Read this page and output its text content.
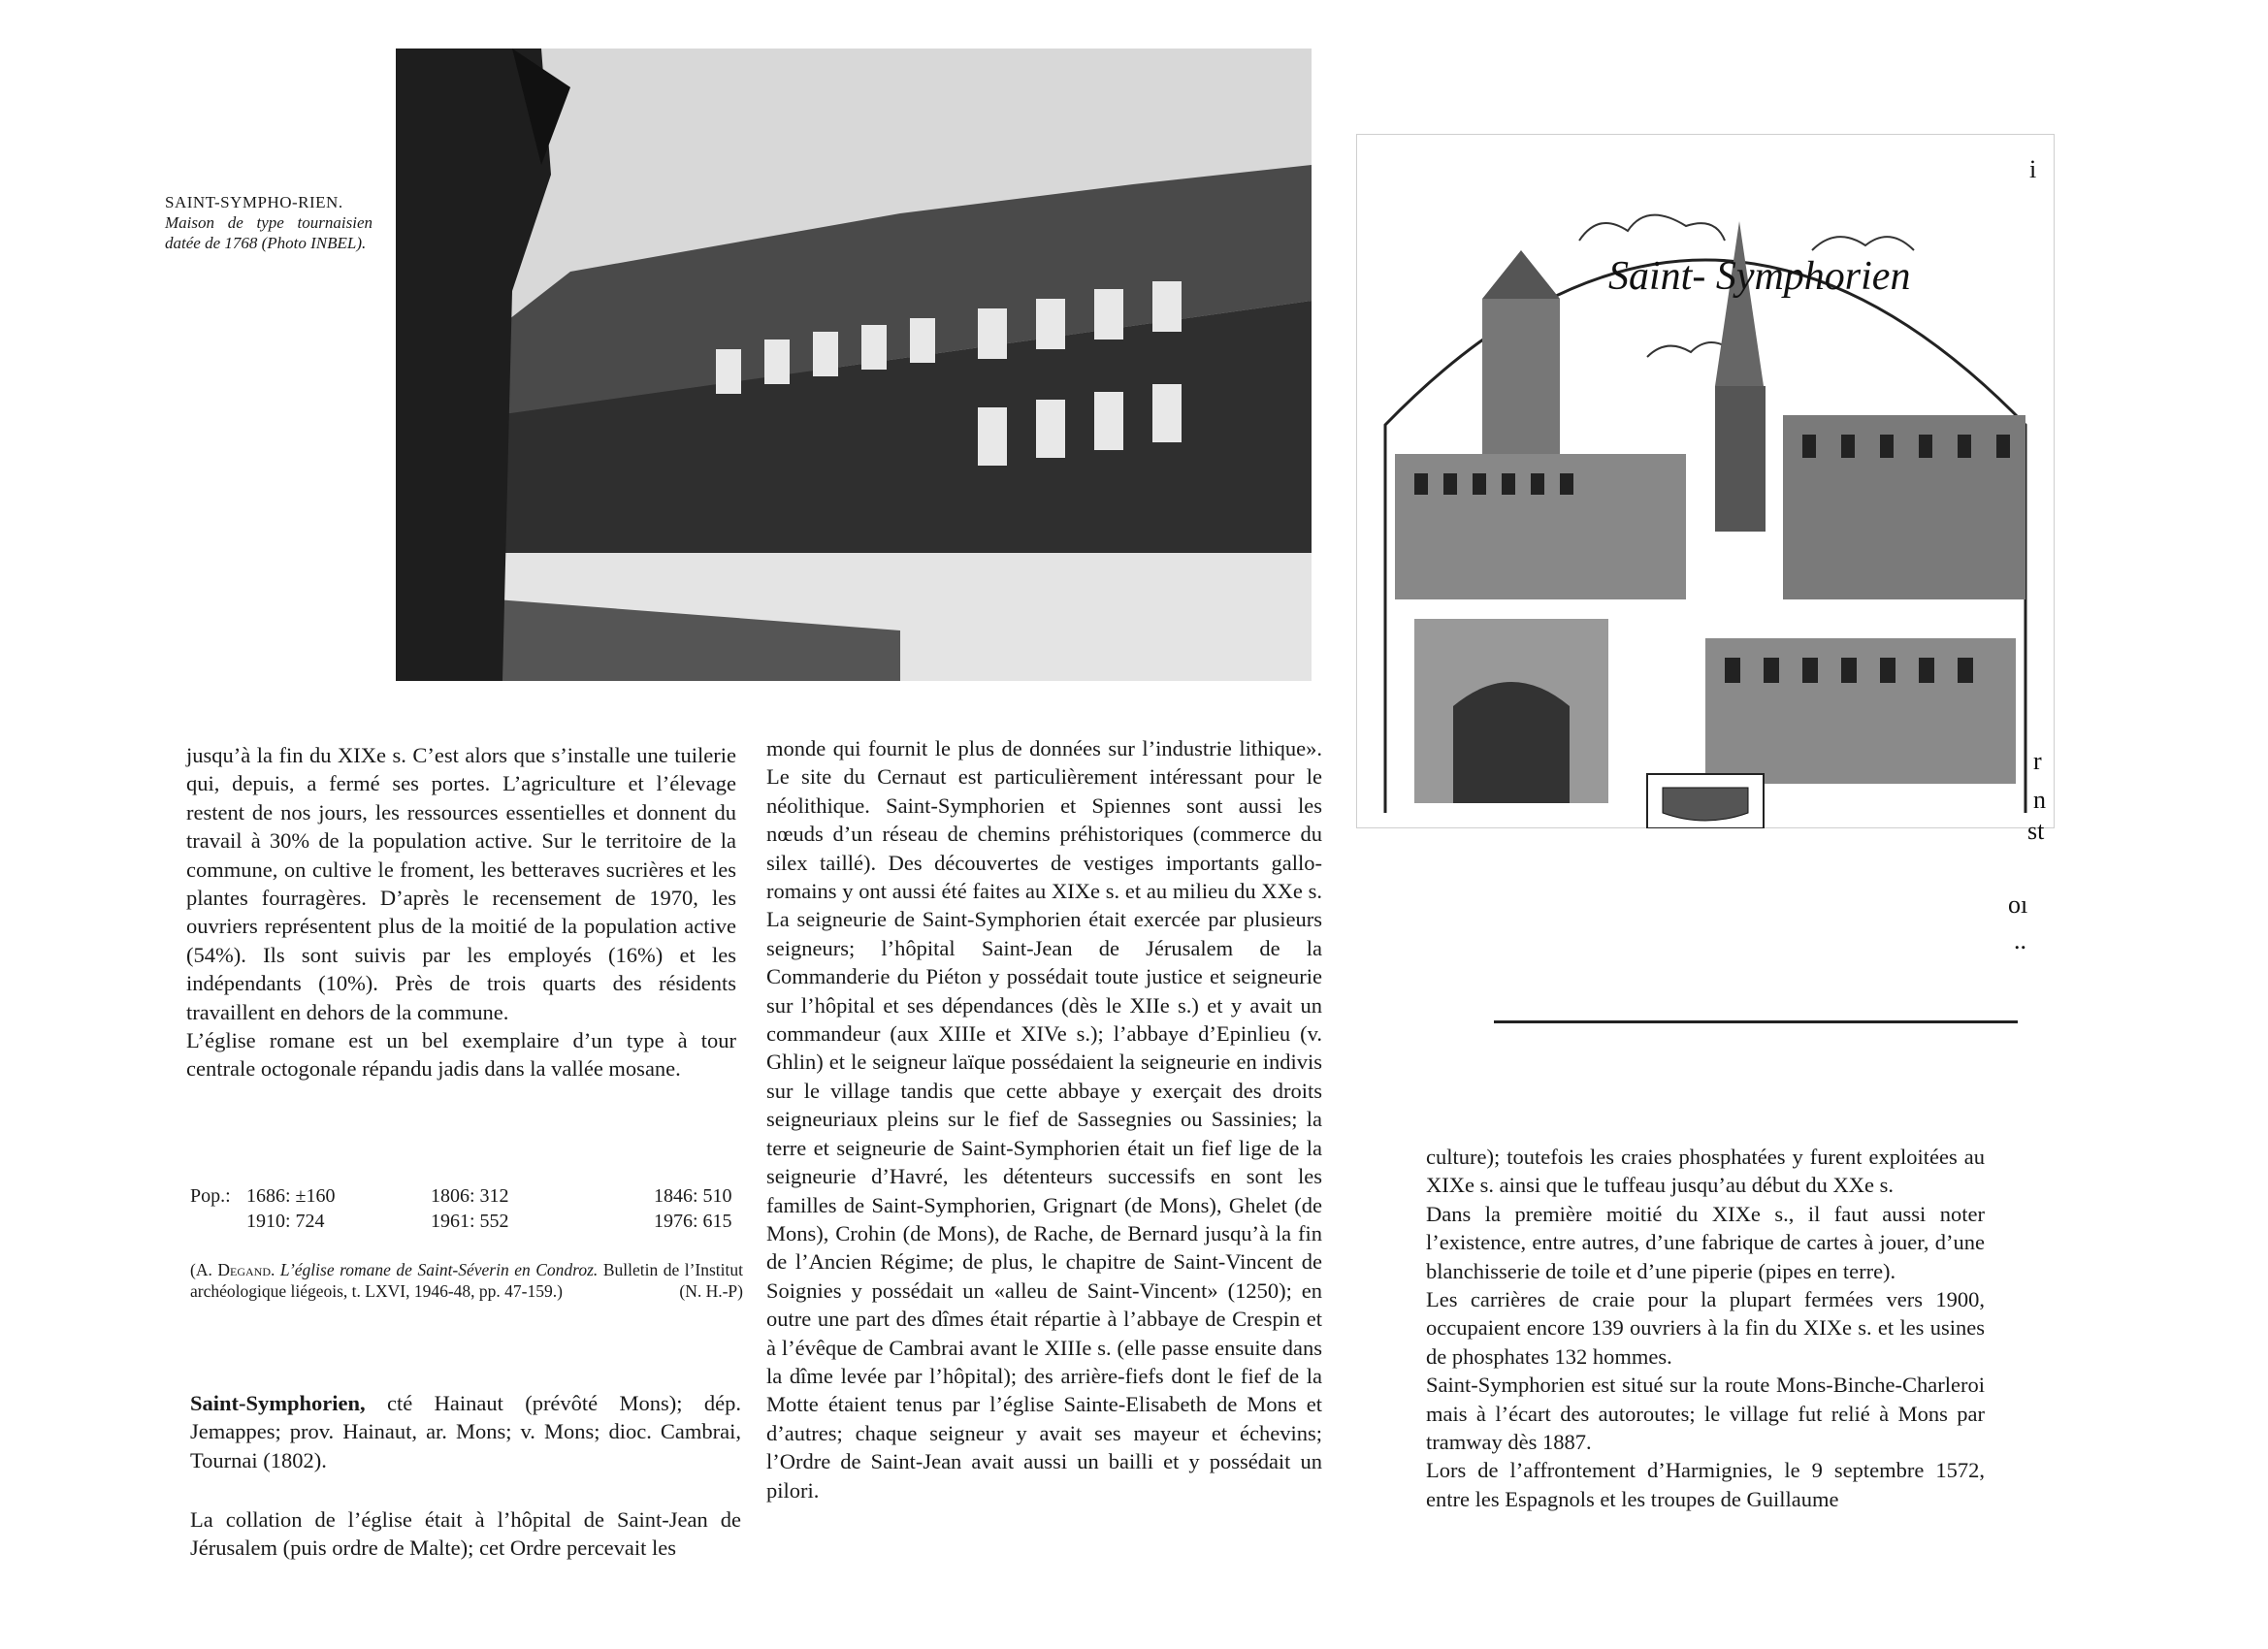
SAINT-SYMPHO-RIEN. Maison de type tournaisien datée de 1768 (Photo INBEL).
Saint- Symphorien

jusqu’à la fin du XIXe s. C’est alors que s’installe une tuilerie qui, depuis, a fermé ses portes. L’agriculture et l’élevage restent de nos jours, les ressources essentielles et donnent du travail à 30% de la population active. Sur le territoire de la commune, on cultive le froment, les betteraves sucrières et les plantes fourragères. D’après le recensement de 1970, les ouvriers représentent plus de la moitié de la population active (54%). Ils sont suivis par les employés (16%) et les indépendants (10%). Près de trois quarts des résidents travaillent en dehors de la commune.

L’église romane est un bel exemplaire d’un type à tour centrale octogonale répandu jadis dans la vallée mosane.

Pop.: 1686: ±160	1806: 312	1846: 510
1910: 724	1961: 552	1976: 615
(A. Degand. L’église romane de Saint-Séverin en Condroz. Bulletin de l’Institut archéologique liégeois, t. LXVI, 1946-48, pp. 47-159.)	(N. H.-P)
Saint-Symphorien, cté Hainaut (prévôté Mons); dép. Jemappes; prov. Hainaut, ar. Mons; v. Mons; dioc. Cambrai, Tournai (1802).
La collation de l’église était à l’hôpital de Saint-Jean de Jérusalem (puis ordre de Malte); cet Ordre percevait les

monde qui fournit le plus de données sur l’industrie lithique». Le site du Cernaut est particulièrement intéressant pour le néolithique. Saint-Symphorien et Spiennes sont aussi les nœuds d’un réseau de chemins préhistoriques (commerce du silex taillé). Des découvertes de vestiges importants gallo-romains y ont aussi été faites au XIXe s. et au milieu du XXe s. La seigneurie de Saint-Symphorien était exercée par plusieurs seigneurs; l’hôpital Saint-Jean de Jérusalem de la Commanderie du Piéton y possédait toute justice et seigneurie sur l’hôpital et ses dépendances (dès le XIIe s.) et y avait un commandeur (aux XIIIe et XIVe s.); l’abbaye d’Epinlieu (v. Ghlin) et le seigneur laïque possédaient la seigneurie en indivis sur le village tandis que cette abbaye y exerçait des droits seigneuriaux pleins sur le fief de Sassegnies ou Sassinies; la terre et seigneurie de Saint-Symphorien était un fief lige de la seigneurie d’Havré, les détenteurs successifs en sont les familles de Saint-Symphorien, Grignart (de Mons), Ghelet (de Mons), Crohin (de Mons), de Rache, de Bernard jusqu’à la fin de l’Ancien Régime; de plus, le chapitre de Saint-Vincent de Soignies y possédait un «alleu de Saint-Vincent» (1250); en outre une part des dîmes était répartie à l’abbaye de Crespin et à l’évêque de Cambrai avant le XIIIe s. (elle passe ensuite dans la dîme levée par l’hôpital); des arrière-fiefs dont le fief de la Motte étaient tenus par l’église Sainte-Elisabeth de Mons et d’autres; chaque seigneur y avait ses mayeur et échevins; l’Ordre de Saint-Jean avait aussi un bailli et y possédait un pilori.

culture); toutefois les craies phosphatées y furent exploitées au XIXe s. ainsi que le tuffeau jusqu’au début du XXe s.

Dans la première moitié du XIXe s., il faut aussi noter l’existence, entre autres, d’une fabrique de cartes à jouer, d’une blanchisserie de toile et d’une piperie (pipes en terre).

Les carrières de craie pour la plupart fermées vers 1900, occupaient encore 139 ouvriers à la fin du XIXe s. et les usines de phosphates 132 hommes.

Saint-Symphorien est situé sur la route Mons-Binche-Charleroi mais à l’écart des autoroutes; le village fut relié à Mons par tramway dès 1887.

Lors de l’affrontement d’Harmignies, le 9 septembre 1572, entre les Espagnols et les troupes de Guillaume

i
r
n
st
oı
..
